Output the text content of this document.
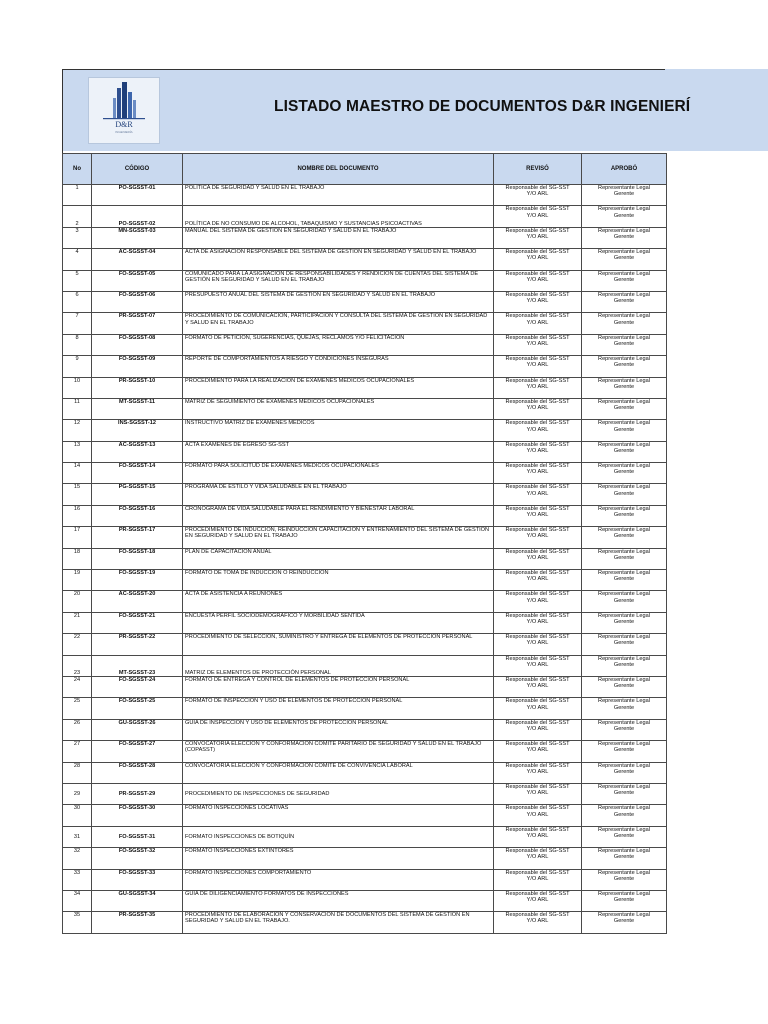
D&R
INGENIERÍA
LISTADO MAESTRO DE DOCUMENTOS D&R INGENIERÍ
No	CÓDIGO	NOMBRE DEL DOCUMENTO	REVISÓ	APROBÓ
1	PO-SGSST-01	POLÍTICA DE SEGURIDAD Y SALUD EN EL TRABAJO	Responsable del SG-SST
Y/O ARL	Representante Legal
Gerente

2	PO-SGSST-02	POLÍTICA DE NO CONSUMO DE ALCOHOL, TABAQUISMO Y SUSTANCIAS PSICOACTIVAS	Responsable del SG-SST
Y/O ARL	Representante Legal
Gerente

3	MN-SGSST-03	MANUAL DEL SISTEMA DE GESTIÓN EN SEGURIDAD Y SALUD EN EL TRABAJO	Responsable del SG-SST
Y/O ARL	Representante Legal
Gerente

4	AC-SGSST-04	ACTA DE ASIGNACIÓN RESPONSABLE DEL SISTEMA DE GESTIÓN EN SEGURIDAD Y SALUD EN EL TRABAJO	Responsable del SG-SST
Y/O ARL	Representante Legal
Gerente

5	FO-SGSST-05	COMUNICADO PARA LA ASIGNACIÓN DE RESPONSABILIDADES Y RENDICIÓN DE CUENTAS DEL SISTEMA DE GESTIÓN EN SEGURIDAD Y SALUD EN EL TRABAJO	Responsable del SG-SST
Y/O ARL	Representante Legal
Gerente

6	FO-SGSST-06	PRESUPUESTO ANUAL DEL SISTEMA DE GESTIÓN EN SEGURIDAD Y SALUD EN EL TRABAJO	Responsable del SG-SST
Y/O ARL	Representante Legal
Gerente

7	PR-SGSST-07	PROCEDIMIENTO DE COMUNICACIÓN, PARTICIPACIÓN Y CONSULTA DEL SISTEMA DE GESTIÓN EN SEGURIDAD Y SALUD EN EL TRABAJO	Responsable del SG-SST
Y/O ARL	Representante Legal
Gerente

8	FO-SGSST-08	FORMATO DE PETICIÓN, SUGERENCIAS, QUEJAS, RECLAMOS Y/O FELICITACIÓN	Responsable del SG-SST
Y/O ARL	Representante Legal
Gerente

9	FO-SGSST-09	REPORTE DE COMPORTAMIENTOS A RIESGO Y CONDICIONES INSEGURAS	Responsable del SG-SST
Y/O ARL	Representante Legal
Gerente

10	PR-SGSST-10	PROCEDIMIENTO PARA LA REALIZACIÓN DE EXÁMENES MÉDICOS OCUPACIONALES	Responsable del SG-SST
Y/O ARL	Representante Legal
Gerente

11	MT-SGSST-11	MATRIZ DE SEGUIMIENTO DE EXÁMENES MÉDICOS OCUPACIONALES	Responsable del SG-SST
Y/O ARL	Representante Legal
Gerente

12	INS-SGSST-12	INSTRUCTIVO MATRÍZ DE EXÁMENES MÉDICOS	Responsable del SG-SST
Y/O ARL	Representante Legal
Gerente

13	AC-SGSST-13	ACTA EXÁMENES DE EGRESO SG-SST	Responsable del SG-SST
Y/O ARL	Representante Legal
Gerente

14	FO-SGSST-14	FORMATO PARA SOLICITUD DE EXÁMENES MÉDICOS OCUPACIONALES	Responsable del SG-SST
Y/O ARL	Representante Legal
Gerente

15	PG-SGSST-15	PROGRAMA DE ESTILO Y VIDA SALUDABLE EN EL TRABAJO	Responsable del SG-SST
Y/O ARL	Representante Legal
Gerente

16	FO-SGSST-16	CRONOGRAMA DE VIDA SALUDABLE PARA EL RENDIMIENTO Y BIENESTAR LABORAL	Responsable del SG-SST
Y/O ARL	Representante Legal
Gerente

17	PR-SGSST-17	PROCEDIMIENTO DE INDUCCIÓN, REINDUCCIÓN CAPACITACIÓN Y ENTRENAMIENTO DEL SISTEMA DE GESTIÓN EN SEGURIDAD Y SALUD EN EL TRABAJO	Responsable del SG-SST
Y/O ARL	Representante Legal
Gerente

18	FO-SGSST-18	PLAN DE CAPACITACIÓN ANUAL	Responsable del SG-SST
Y/O ARL	Representante Legal
Gerente

19	FO-SGSST-19	FORMATO DE TOMA DE INDUCCIÓN O REINDUCCIÓN	Responsable del SG-SST
Y/O ARL	Representante Legal
Gerente

20	AC-SGSST-20	ACTA DE ASISTENCIA A REUNIONES	Responsable del SG-SST
Y/O ARL	Representante Legal
Gerente

21	FO-SGSST-21	ENCUESTA PERFÍL SOCIODEMOGRÁFICO Y MORBILIDAD SENTIDA	Responsable del SG-SST
Y/O ARL	Representante Legal
Gerente

22	PR-SGSST-22	PROCEDIMIENTO DE SELECCIÓN, SUMINISTRO Y ENTREGA DE ELEMENTOS DE PROTECCIÓN PERSONAL	Responsable del SG-SST
Y/O ARL	Representante Legal
Gerente

23	MT-SGSST-23	MATRIZ DE ELEMENTOS DE PROTECCIÓN PERSONAL	Responsable del SG-SST
Y/O ARL	Representante Legal
Gerente

24	FO-SGSST-24	FORMATO DE ENTREGA Y CONTROL DE ELEMENTOS DE PROTECCIÓN PERSONAL	Responsable del SG-SST
Y/O ARL	Representante Legal
Gerente

25	FO-SGSST-25	FORMATO DE INSPECCIÓN Y USO DE ELEMENTOS DE PROTECCIÓN PERSONAL	Responsable del SG-SST
Y/O ARL	Representante Legal
Gerente

26	GU-SGSST-26	GUÍA DE INSPECCIÓN Y USO DE ELEMENTOS DE PROTECCIÓN PERSONAL	Responsable del SG-SST
Y/O ARL	Representante Legal
Gerente

27	FO-SGSST-27	CONVOCATORIA ELECCIÓN Y CONFORMACIÓN COMITÉ PARITARIO DE SEGURIDAD Y SALUD EN EL TRABAJO (COPASST)	Responsable del SG-SST
Y/O ARL	Representante Legal
Gerente

28	FO-SGSST-28	CONVOCATORIA ELECCIÓN Y CONFORMACIÓN COMITÉ DE CONVIVENCIA LABORAL	Responsable del SG-SST
Y/O ARL	Representante Legal
Gerente

29	PR-SGSST-29	PROCEDIMIENTO DE INSPECCIONES DE SEGURIDAD	Responsable del SG-SST
Y/O ARL	Representante Legal
Gerente

30	FO-SGSST-30	FORMATO INSPECCIONES LOCATIVAS	Responsable del SG-SST
Y/O ARL	Representante Legal
Gerente

31	FO-SGSST-31	FORMATO INSPECCIONES DE BOTIQUÍN	Responsable del SG-SST
Y/O ARL	Representante Legal
Gerente

32	FO-SGSST-32	FORMATO INSPECCIONES EXTINTORES	Responsable del SG-SST
Y/O ARL	Representante Legal
Gerente

33	FO-SGSST-33	FORMATO INSPECCIONES COMPORTAMIENTO	Responsable del SG-SST
Y/O ARL	Representante Legal
Gerente

34	GU-SGSST-34	GUÍA DE DILIGENCIAMIENTO FORMATOS DE INSPECCIONES	Responsable del SG-SST
Y/O ARL	Representante Legal
Gerente

35	PR-SGSST-35	PROCEDIMIENTO DE ELABORACIÓN Y CONSERVACIÓN DE DOCUMENTOS DEL SISTEMA DE GESTIÓN EN SEGURIDAD Y SALUD EN EL TRABAJO.	Responsable del SG-SST
Y/O ARL	Representante Legal
Gerente
